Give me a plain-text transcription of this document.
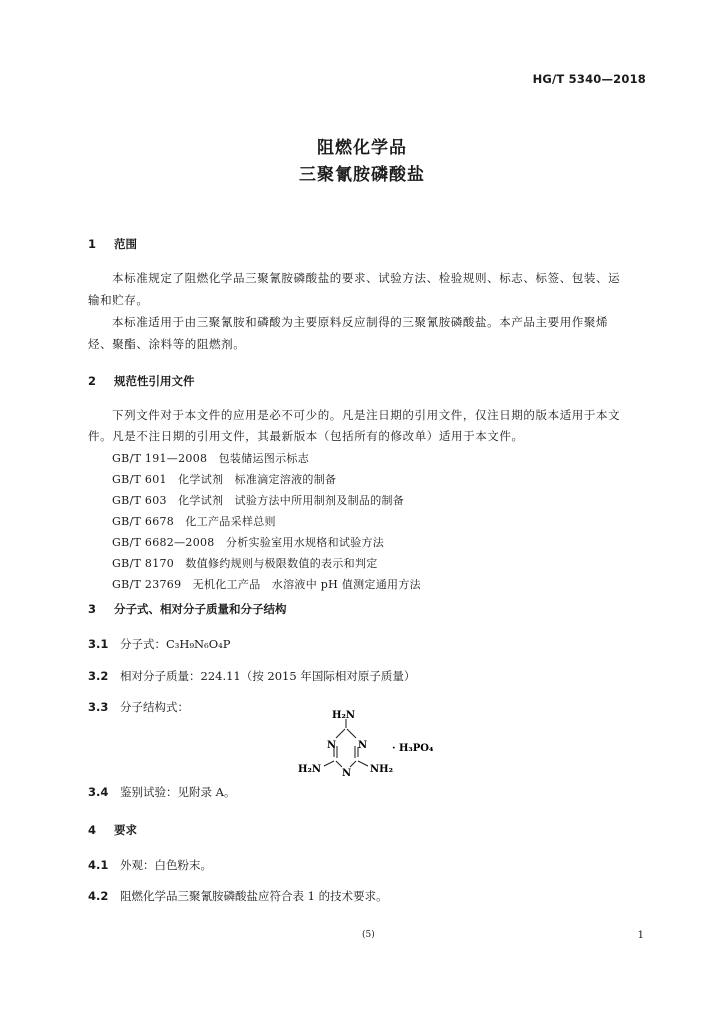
HG/T 5340—2018
阻燃化学品
三聚氰胺磷酸盐
1 范围
本标准规定了阻燃化学品三聚氰胺磷酸盐的要求、试验方法、检验规则、标志、标签、包装、运
输和贮存。
本标准适用于由三聚氰胺和磷酸为主要原料反应制得的三聚氰胺磷酸盐。本产品主要用作聚烯
烃、聚酯、涂料等的阻燃剂。
2 规范性引用文件
下列文件对于本文件的应用是必不可少的。凡是注日期的引用文件，仅注日期的版本适用于本文
件。凡是不注日期的引用文件，其最新版本（包括所有的修改单）适用于本文件。
GB/T 191—2008　包装储运图示标志
GB/T 601　化学试剂　标准滴定溶液的制备
GB/T 603　化学试剂　试验方法中所用制剂及制品的制备
GB/T 6678　化工产品采样总则
GB/T 6682—2008　分析实验室用水规格和试验方法
GB/T 8170　数值修约规则与极限数值的表示和判定
GB/T 23769　无机化工产品　水溶液中 pH 值测定通用方法
3 分子式、相对分子质量和分子结构
3.1 分子式：C₃H₉N₆O₄P
3.2 相对分子质量：224.11（按 2015 年国际相对原子质量）
3.3 分子结构式：
N N
N
H₂N
H₂N	NH₂
· H₃PO₄
3.4 鉴别试验：见附录 A。
4 要求
4.1 外观：白色粉末。
4.2 阻燃化学品三聚氰胺磷酸盐应符合表 1 的技术要求。
(5)	1
